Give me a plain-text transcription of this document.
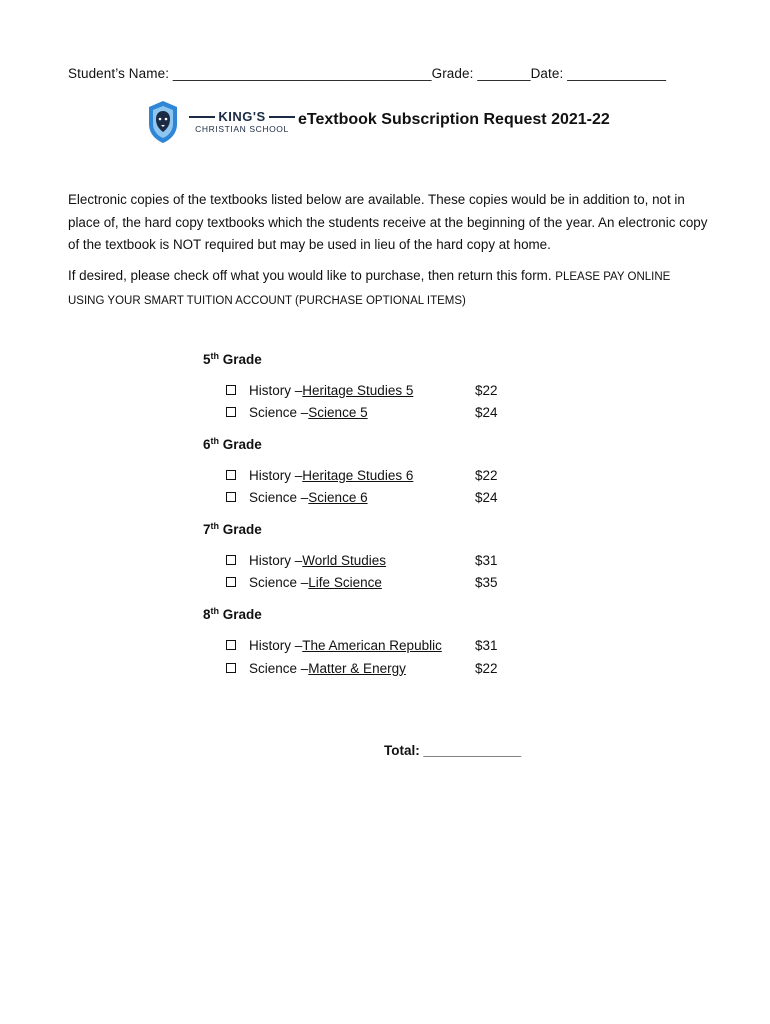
Student’s Name: __________________________________Grade: _______Date: _____________
KING'S
CHRISTIAN SCHOOL
eTextbook Subscription Request 2021-22
Electronic copies of the textbooks listed below are available. These copies would be in addition to, not in place of, the hard copy textbooks which the students receive at the beginning of the year. An electronic copy of the textbook is NOT required but may be used in lieu of the hard copy at home.
If desired, please check off what you would like to purchase, then return this form. PLEASE PAY ONLINE USING YOUR SMART TUITION ACCOUNT (PURCHASE OPTIONAL ITEMS)
5th Grade
History – Heritage Studies 5	$22
Science – Science 5	$24
6th Grade
History – Heritage Studies 6	$22
Science – Science 6	$24
7th Grade
History – World Studies	$31
Science – Life Science	$35
8th Grade
History – The American Republic $31
Science – Matter & Energy	$22
Total: _____________
